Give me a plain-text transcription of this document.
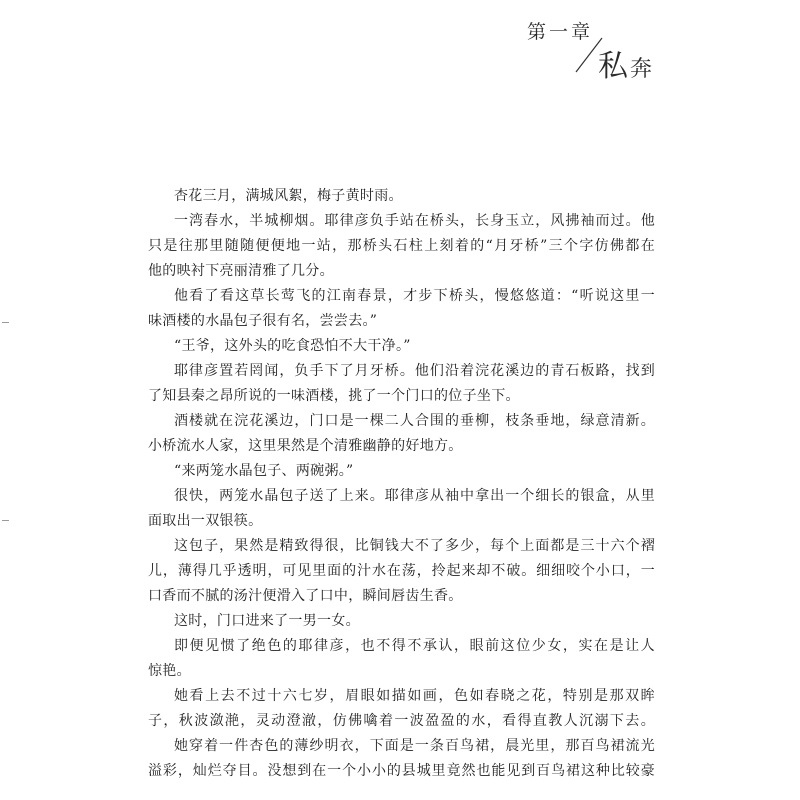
第一章
私奔
杏花三月，满城风絮，梅子黄时雨。
一湾春水，半城柳烟。耶律彦负手站在桥头，长身玉立，风拂袖而过。他
只是往那里随随便便地一站，那桥头石柱上刻着的“月牙桥”三个字仿佛都在
他的映衬下亮丽清雅了几分。
他看了看这草长莺飞的江南春景，才步下桥头，慢悠悠道：“听说这里一
味酒楼的水晶包子很有名，尝尝去。”
“王爷，这外头的吃食恐怕不大干净。”
耶律彦置若罔闻，负手下了月牙桥。他们沿着浣花溪边的青石板路，找到
了知县秦之昂所说的一味酒楼，挑了一个门口的位子坐下。
酒楼就在浣花溪边，门口是一棵二人合围的垂柳，枝条垂地，绿意清新。
小桥流水人家，这里果然是个清雅幽静的好地方。
“来两笼水晶包子、两碗粥。”
很快，两笼水晶包子送了上来。耶律彦从袖中拿出一个细长的银盒，从里
面取出一双银筷。
这包子，果然是精致得很，比铜钱大不了多少，每个上面都是三十六个褶
儿，薄得几乎透明，可见里面的汁水在荡，拎起来却不破。细细咬个小口，一
口香而不腻的汤汁便滑入了口中，瞬间唇齿生香。
这时，门口进来了一男一女。
即便见惯了绝色的耶律彦，也不得不承认，眼前这位少女，实在是让人
惊艳。
她看上去不过十六七岁，眉眼如描如画，色如春晓之花，特别是那双眸
子，秋波潋滟，灵动澄澈，仿佛噙着一波盈盈的水，看得直教人沉溺下去。
她穿着一件杏色的薄纱明衣，下面是一条百鸟裙，晨光里，那百鸟裙流光
溢彩，灿烂夺目。没想到在一个小小的县城里竟然也能见到百鸟裙这种比较豪
